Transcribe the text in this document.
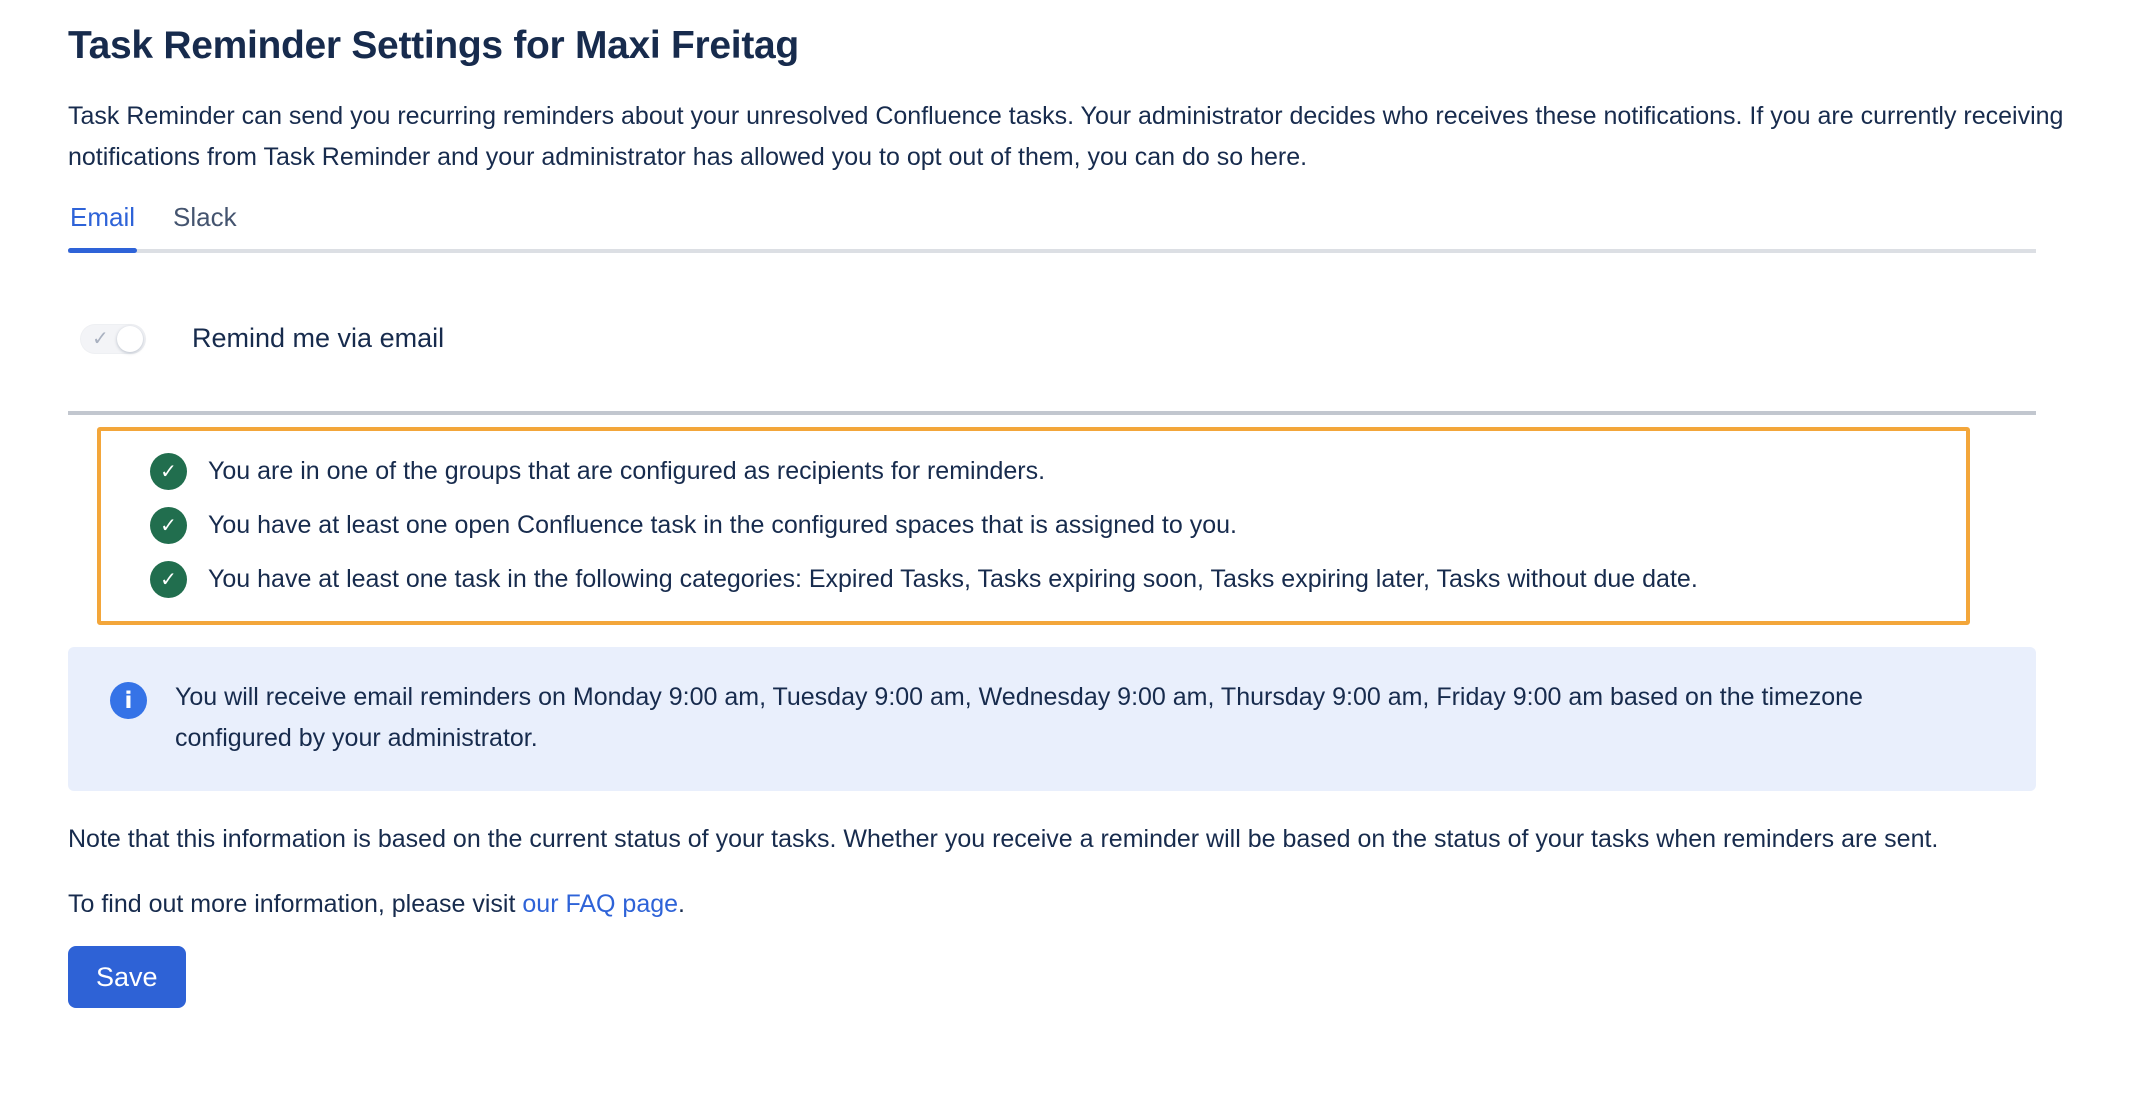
Task Reminder Settings for Maxi Freitag

Task Reminder can send you recurring reminders about your unresolved Confluence tasks. Your administrator decides who receives these notifications. If you are currently receiving notifications from Task Reminder and your administrator has allowed you to opt out of them, you can do so here.

Email Slack
✓	Remind me via email
✓	You are in one of the groups that are configured as recipients for reminders.
✓	You have at least one open Confluence task in the configured spaces that is assigned to you.
✓	You have at least one task in the following categories: Expired Tasks, Tasks expiring soon, Tasks expiring later, Tasks without due date.
i	You will receive email reminders on Monday 9:00 am, Tuesday 9:00 am, Wednesday 9:00 am, Thursday 9:00 am, Friday 9:00 am based on the timezone configured by your administrator.

Note that this information is based on the current status of your tasks. Whether you receive a reminder will be based on the status of your tasks when reminders are sent.

To find out more information, please visit our FAQ page.

Save
